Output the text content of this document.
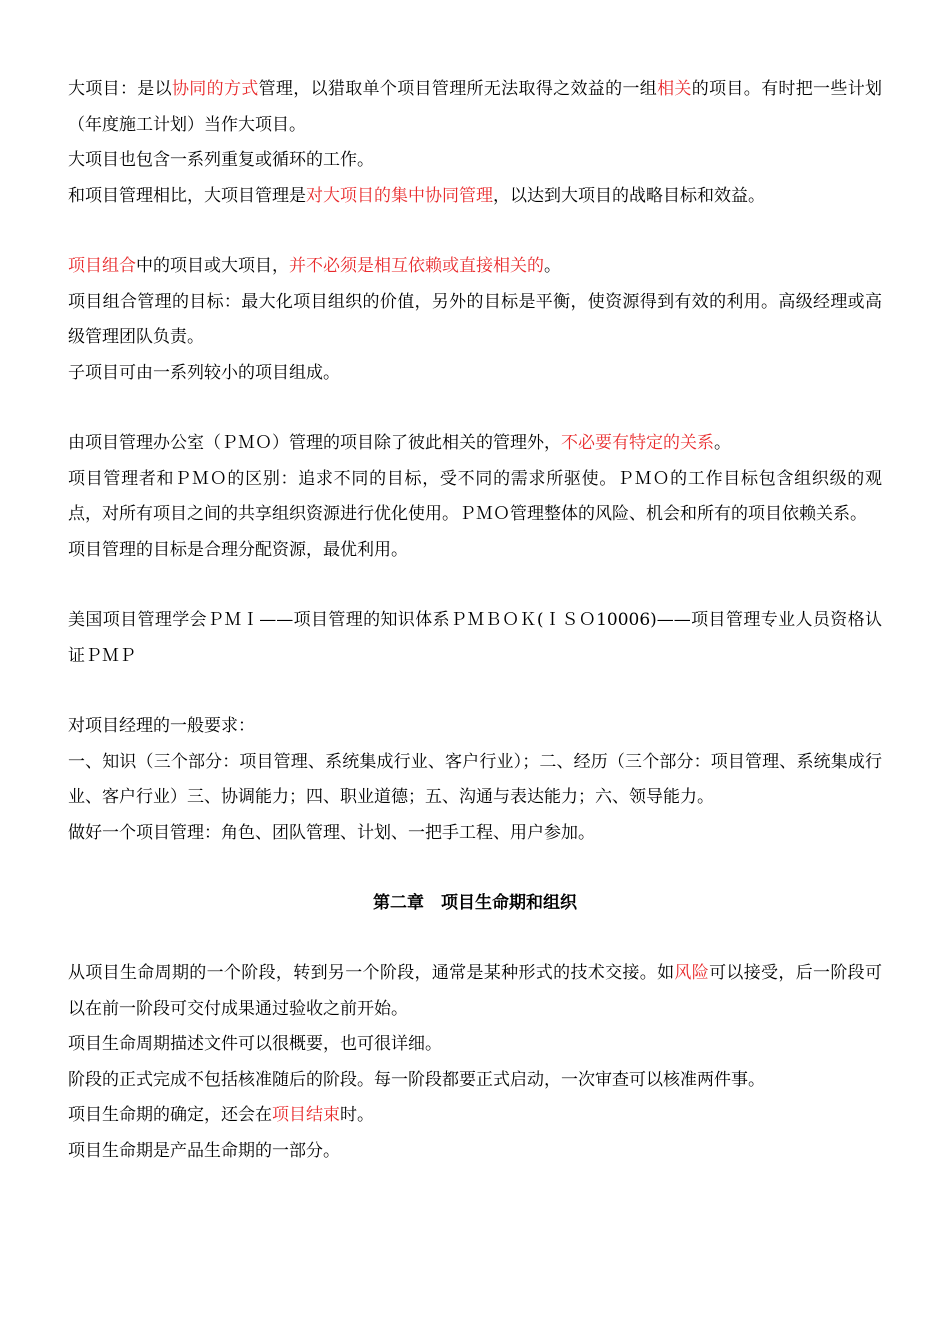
大项目：是以协同的方式管理，以猎取单个项目管理所无法取得之效益的一组相关的项目。有时把一些计划（年度施工计划）当作大项目。

大项目也包含一系列重复或循环的工作。

和项目管理相比，大项目管理是对大项目的集中协同管理，以达到大项目的战略目标和效益。

项目组合中的项目或大项目，并不必须是相互依赖或直接相关的。

项目组合管理的目标：最大化项目组织的价值，另外的目标是平衡，使资源得到有效的利用。高级经理或高级管理团队负责。

子项目可由一系列较小的项目组成。

由项目管理办公室（ＰＭＯ）管理的项目除了彼此相关的管理外，不必要有特定的关系。

项目管理者和ＰＭＯ的区别：追求不同的目标，受不同的需求所驱使。ＰＭＯ的工作目标包含组织级的观点，对所有项目之间的共享组织资源进行优化使用。ＰＭＯ管理整体的风险、机会和所有的项目依赖关系。

项目管理的目标是合理分配资源，最优利用。

美国项目管理学会ＰＭＩ——项目管理的知识体系ＰＭＢＯＫ(ＩＳＯ10006)——项目管理专业人员资格认证ＰＭＰ

对项目经理的一般要求：

一、知识（三个部分：项目管理、系统集成行业、客户行业）；二、经历（三个部分：项目管理、系统集成行业、客户行业）三、协调能力；四、职业道德；五、沟通与表达能力；六、领导能力。

做好一个项目管理：角色、团队管理、计划、一把手工程、用户参加。

第二章　项目生命期和组织

从项目生命周期的一个阶段，转到另一个阶段，通常是某种形式的技术交接。如风险可以接受，后一阶段可以在前一阶段可交付成果通过验收之前开始。

项目生命周期描述文件可以很概要，也可很详细。

阶段的正式完成不包括核准随后的阶段。每一阶段都要正式启动，一次审查可以核准两件事。

项目生命期的确定，还会在项目结束时。

项目生命期是产品生命期的一部分。
